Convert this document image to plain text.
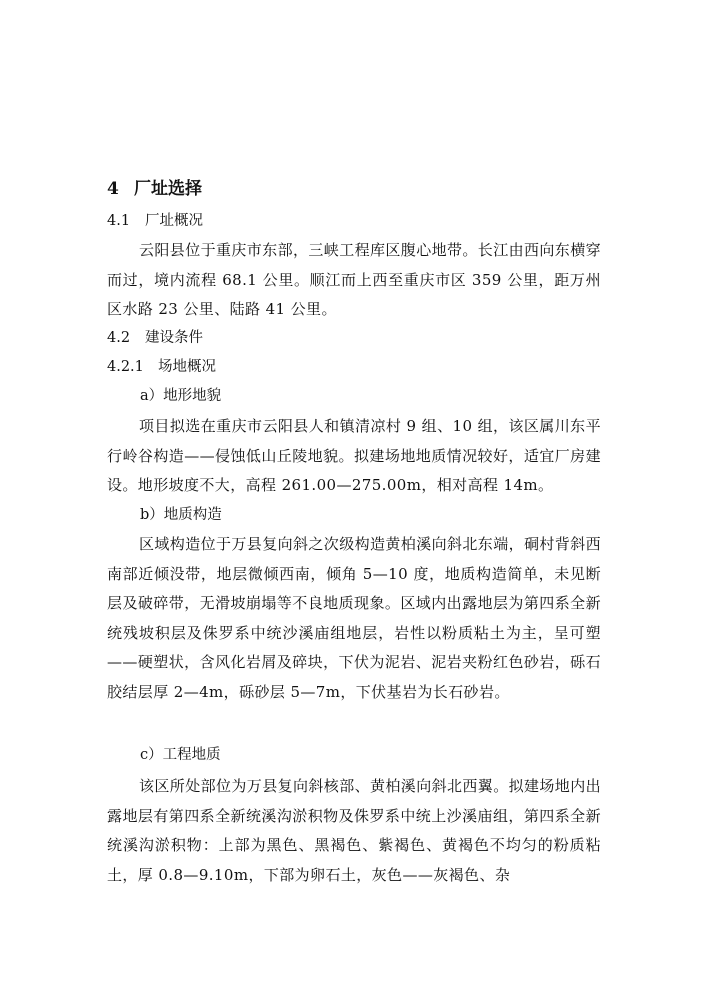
4 厂址选择
4.1 厂址概况

云阳县位于重庆市东部，三峡工程库区腹心地带。长江由西向东横穿而过，境内流程 68.1 公里。顺江而上西至重庆市区 359 公里，距万州区水路 23 公里、陆路 41 公里。

4.2 建设条件
4.2.1 场地概况
a）地形地貌

项目拟选在重庆市云阳县人和镇清凉村 9 组、10 组，该区属川东平行岭谷构造——侵蚀低山丘陵地貌。拟建场地地质情况较好，适宜厂房建设。地形坡度不大，高程 261.00—275.00m，相对高程 14m。

b）地质构造

区域构造位于万县复向斜之次级构造黄柏溪向斜北东端，硐村背斜西南部近倾没带，地层微倾西南，倾角 5—10 度，地质构造简单，未见断层及破碎带，无滑坡崩塌等不良地质现象。区域内出露地层为第四系全新统残坡积层及侏罗系中统沙溪庙组地层，岩性以粉质粘土为主，呈可塑——硬塑状，含风化岩屑及碎块，下伏为泥岩、泥岩夹粉红色砂岩，砾石胶结层厚 2—4m，砾砂层 5—7m，下伏基岩为长石砂岩。

c）工程地质

该区所处部位为万县复向斜核部、黄柏溪向斜北西翼。拟建场地内出露地层有第四系全新统溪沟淤积物及侏罗系中统上沙溪庙组，第四系全新统溪沟淤积物：上部为黑色、黑褐色、紫褐色、黄褐色不均匀的粉质粘土，厚 0.8—9.10m，下部为卵石土，灰色——灰褐色、杂
